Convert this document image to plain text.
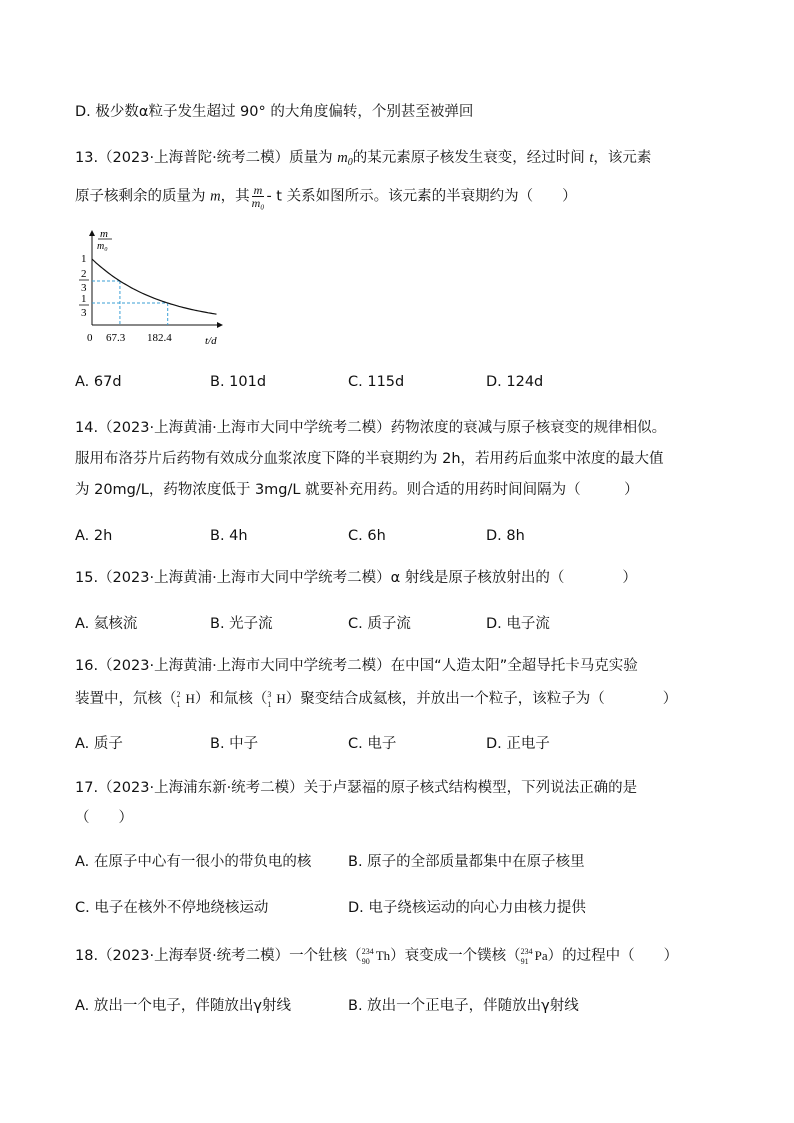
D. 极少数α粒子发生超过 90° 的大角度偏转，个别甚至被弹回
13.（2023·上海普陀·统考二模）质量为 $m_0$的某元素原子核发生衰变，经过时间 t，该元素
原子核剩余的质量为 m，其 $\frac{m}{\text{m₀}}$ - t 关系如图所示。该元素的半衰期约为（　　）
m
m₀
1
2
3
1
3
0 67.3 182.4	t/d
A. 67d	B. 101d	C. 115d	D. 124d
14.（2023·上海黄浦·上海市大同中学统考二模）药物浓度的衰减与原子核衰变的规律相似。
服用布洛芬片后药物有效成分血浆浓度下降的半衰期约为 2h，若用药后血浆中浓度的最大值
为 20mg/L，药物浓度低于 3mg/L 就要补充用药。则合适的用药时间间隔为（　　　）
A. 2h	B. 4h	C. 6h	D. 8h
15.（2023·上海黄浦·上海市大同中学统考二模）α 射线是原子核放射出的（　　　　）
A. 氦核流	B. 光子流	C. 质子流	D. 电子流
16.（2023·上海黄浦·上海市大同中学统考二模）在中国“人造太阳”全超导托卡马克实验
装置中，氘核（ 2
1 H）和氚核（ 3
1 H）聚变结合成氦核，并放出一个粒子，该粒子为（　　　　）
A. 质子	B. 中子	C. 电子	D. 正电子
17.（2023·上海浦东新·统考二模）关于卢瑟福的原子核式结构模型，下列说法正确的是
（　　）
A. 在原子中心有一很小的带负电的核	B. 原子的全部质量都集中在原子核里
C. 电子在核外不停地绕核运动	D. 电子绕核运动的向心力由核力提供
18.（2023·上海奉贤·统考二模）一个钍核（ 234
90 Th）衰变成一个镤核（ 234
91 Pa）的过程中（　　）
A. 放出一个电子，伴随放出γ射线	B. 放出一个正电子，伴随放出γ射线
